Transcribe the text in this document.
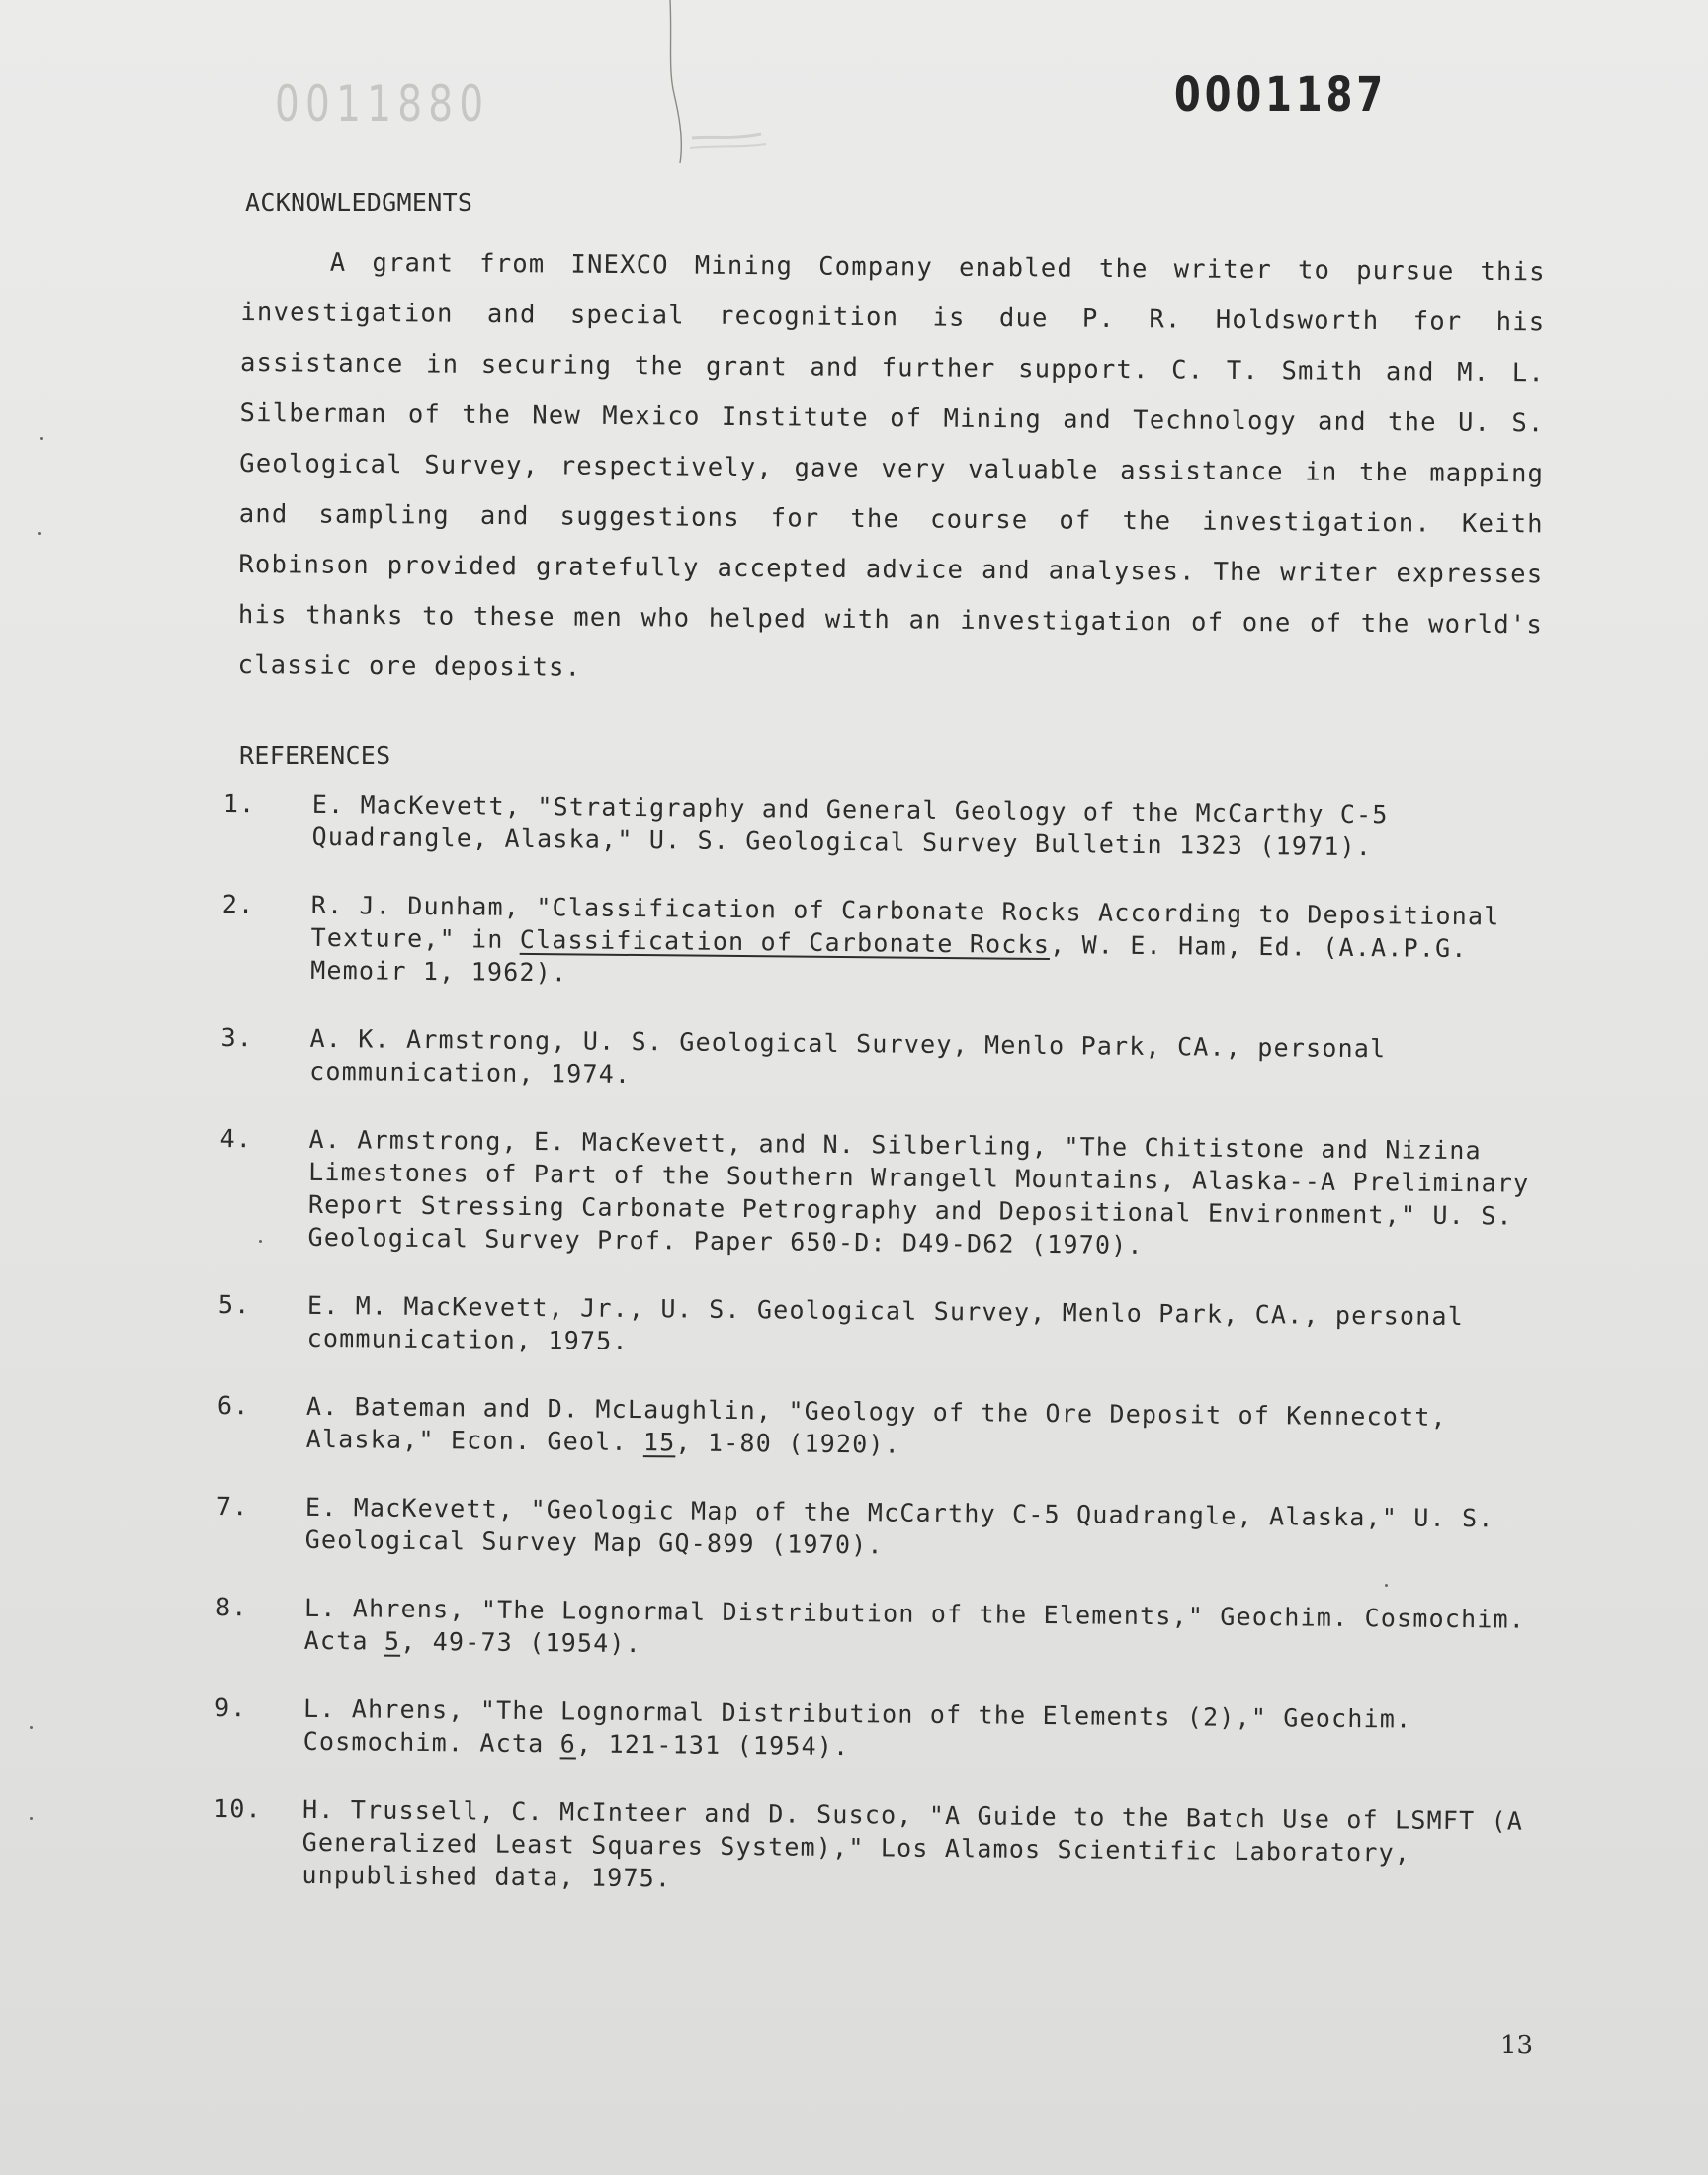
0011880	0001187
ACKNOWLEDGMENTS
A grant from INEXCO Mining Company enabled the writer to pursue this investigation and special recognition is due P. R. Holdsworth for his assistance in securing the grant and further support. C. T. Smith and M. L. Silberman of the New Mexico Institute of Mining and Technology and the U. S. Geological Survey, respectively, gave very valuable assistance in the mapping and sampling and suggestions for the course of the investigation. Keith Robinson provided gratefully accepted advice and analyses. The writer expresses his thanks to these men who helped with an investigation of one of the world's classic ore deposits.
REFERENCES
1.	E. MacKevett, "Stratigraphy and General Geology of the McCarthy C-5 Quadrangle, Alaska," U. S. Geological Survey Bulletin 1323 (1971).
2.	R. J. Dunham, "Classification of Carbonate Rocks According to Depositional Texture," in Classification of Carbonate Rocks, W. E. Ham, Ed. (A.A.P.G. Memoir 1, 1962).
3.	A. K. Armstrong, U. S. Geological Survey, Menlo Park, CA., personal communication, 1974.
4.	A. Armstrong, E. MacKevett, and N. Silberling, "The Chitistone and Nizina Limestones of Part of the Southern Wrangell Mountains, Alaska--A Preliminary Report Stressing Carbonate Petrography and Depositional Environment," U. S. Geological Survey Prof. Paper 650-D: D49-D62 (1970).
5.	E. M. MacKevett, Jr., U. S. Geological Survey, Menlo Park, CA., personal communication, 1975.
6.	A. Bateman and D. McLaughlin, "Geology of the Ore Deposit of Kennecott, Alaska," Econ. Geol. 15, 1-80 (1920).
7.	E. MacKevett, "Geologic Map of the McCarthy C-5 Quadrangle, Alaska," U. S. Geological Survey Map GQ-899 (1970).
8.	L. Ahrens, "The Lognormal Distribution of the Elements," Geochim. Cosmochim. Acta 5, 49-73 (1954).
9.	L. Ahrens, "The Lognormal Distribution of the Elements (2)," Geochim. Cosmochim. Acta 6, 121-131 (1954).
10.	H. Trussell, C. McInteer and D. Susco, "A Guide to the Batch Use of LSMFT (A Generalized Least Squares System)," Los Alamos Scientific Laboratory, unpublished data, 1975.
13
